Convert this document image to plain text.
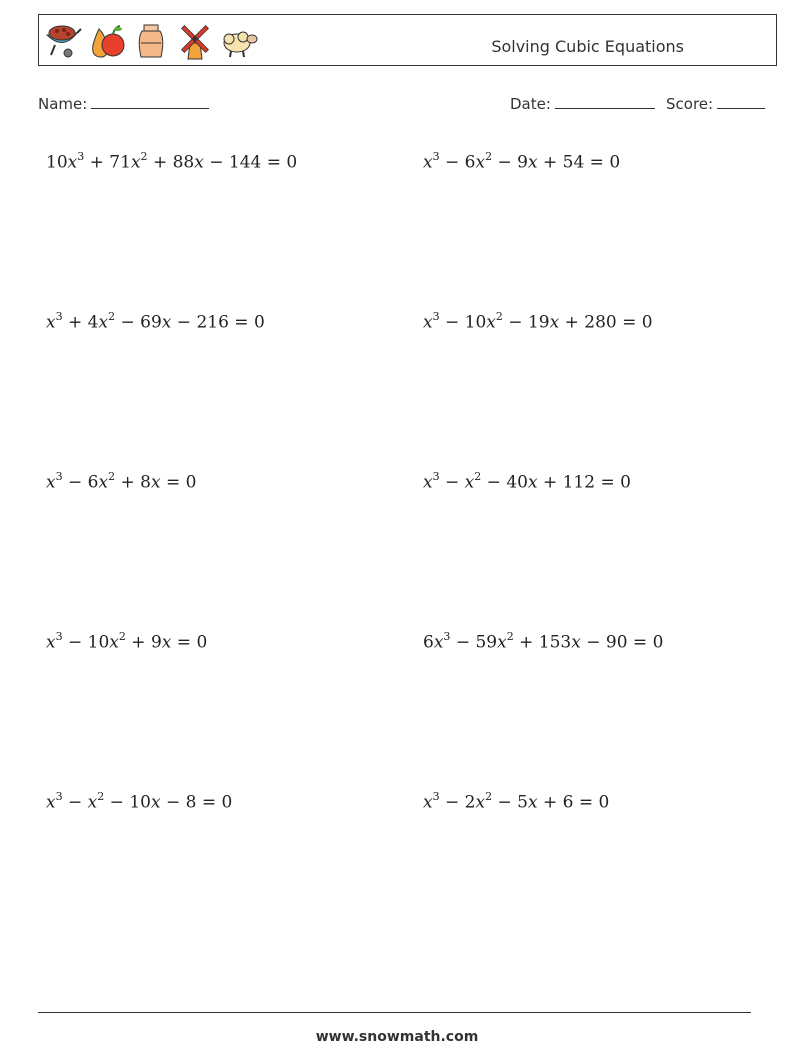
Solving Cubic Equations
Name:	Date:	Score:
$10x^3 + 71x^2 + 88x - 144 = 0$	$x^3 - 6x^2 - 9x + 54 = 0$
$x^3 + 4x^2 - 69x - 216 = 0$	$x^3 - 10x^2 - 19x + 280 = 0$
$x^3 - 6x^2 + 8x = 0$	$x^3 - x^2 - 40x + 112 = 0$
$x^3 - 10x^2 + 9x = 0$	$6x^3 - 59x^2 + 153x - 90 = 0$
$x^3 - x^2 - 10x - 8 = 0$	$x^3 - 2x^2 - 5x + 6 = 0$
www.snowmath.com
